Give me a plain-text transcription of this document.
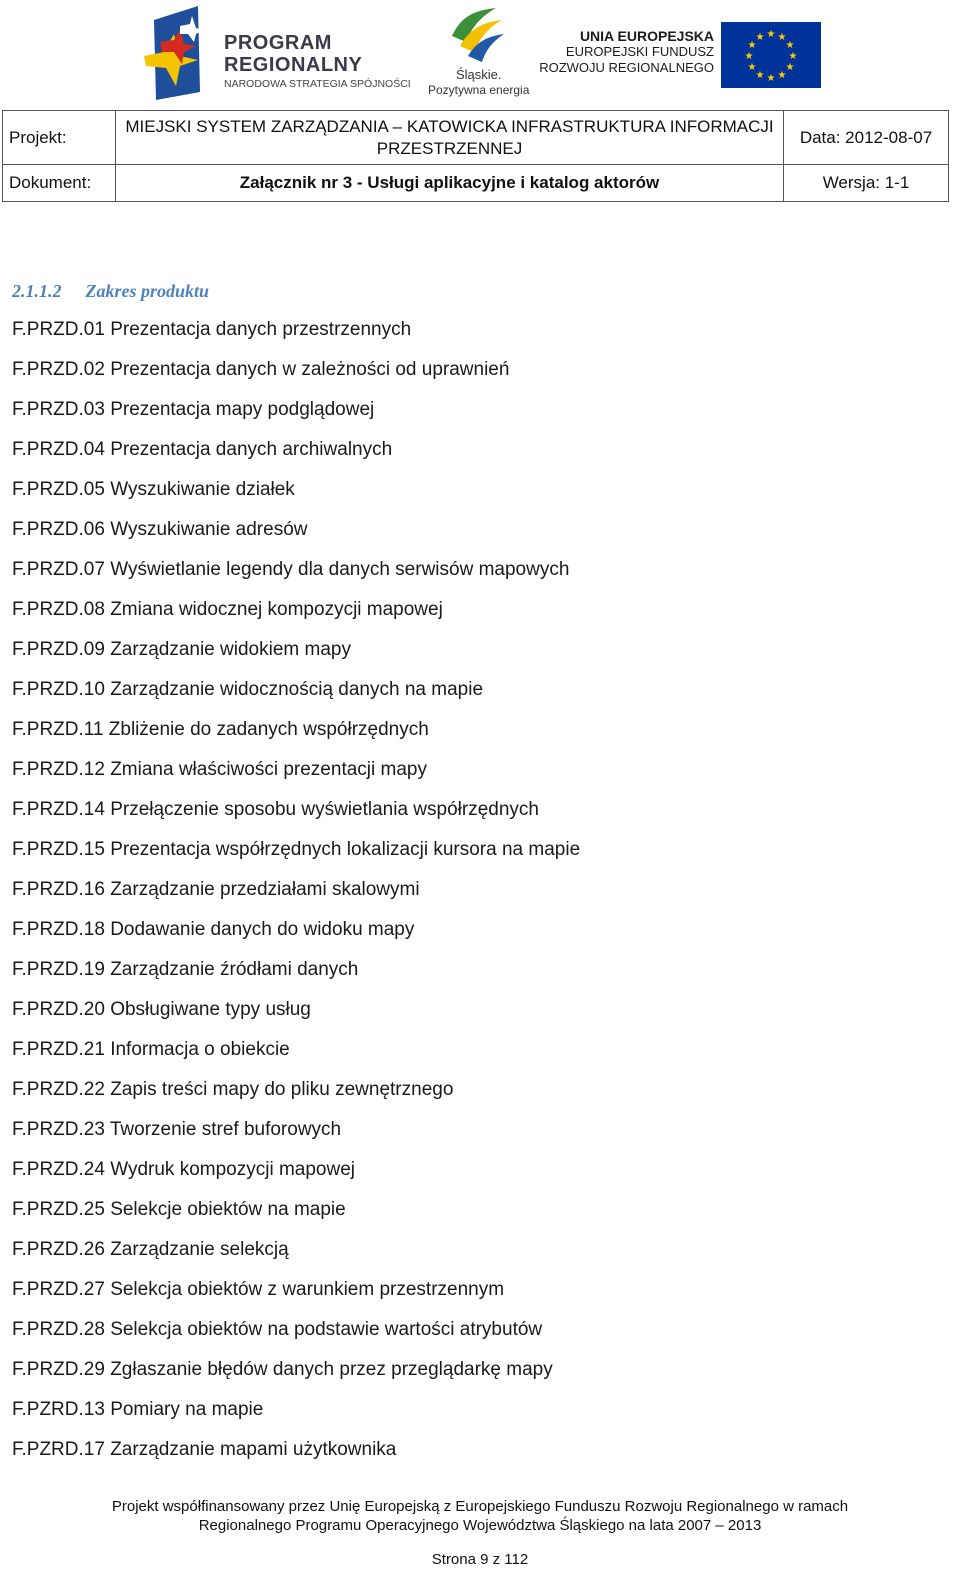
PROGRAM
REGIONALNY
NARODOWA STRATEGIA SPÓJNOŚCI
Śląskie.
Pozytywna energia
UNIA EUROPEJSKA
EUROPEJSKI FUNDUSZ
ROZWOJU REGIONALNEGO
★ ★
★
★
★
★
★
★
★
★
★
★
Projekt:	MIEJSKI SYSTEM ZARZĄDZANIA – KATOWICKA INFRASTRUKTURA INFORMACJI PRZESTRZENNEJ	Data: 2012-08-07
Dokument:	Załącznik nr 3 - Usługi aplikacyjne i katalog aktorów	Wersja: 1-1
2.1.1.2 Zakres produktu
F.PRZD.01 Prezentacja danych przestrzennych
F.PRZD.02 Prezentacja danych w zależności od uprawnień
F.PRZD.03 Prezentacja mapy podglądowej
F.PRZD.04 Prezentacja danych archiwalnych
F.PRZD.05 Wyszukiwanie działek
F.PRZD.06 Wyszukiwanie adresów
F.PRZD.07 Wyświetlanie legendy dla danych serwisów mapowych
F.PRZD.08 Zmiana widocznej kompozycji mapowej
F.PRZD.09 Zarządzanie widokiem mapy
F.PRZD.10 Zarządzanie widocznością danych na mapie
F.PRZD.11 Zbliżenie do zadanych współrzędnych
F.PRZD.12 Zmiana właściwości prezentacji mapy
F.PRZD.14 Przełączenie sposobu wyświetlania współrzędnych
F.PRZD.15 Prezentacja współrzędnych lokalizacji kursora na mapie
F.PRZD.16 Zarządzanie przedziałami skalowymi
F.PRZD.18 Dodawanie danych do widoku mapy
F.PRZD.19 Zarządzanie źródłami danych
F.PRZD.20 Obsługiwane typy usług
F.PRZD.21 Informacja o obiekcie
F.PRZD.22 Zapis treści mapy do pliku zewnętrznego
F.PRZD.23 Tworzenie stref buforowych
F.PRZD.24 Wydruk kompozycji mapowej
F.PRZD.25 Selekcje obiektów na mapie
F.PRZD.26 Zarządzanie selekcją
F.PRZD.27 Selekcja obiektów z warunkiem przestrzennym
F.PRZD.28 Selekcja obiektów na podstawie wartości atrybutów
F.PRZD.29 Zgłaszanie błędów danych przez przeglądarkę mapy
F.PZRD.13 Pomiary na mapie
F.PZRD.17 Zarządzanie mapami użytkownika
Projekt współfinansowany przez Unię Europejską z Europejskiego Funduszu Rozwoju Regionalnego w ramach
Regionalnego Programu Operacyjnego Województwa Śląskiego na lata 2007 – 2013
Strona 9 z 112
